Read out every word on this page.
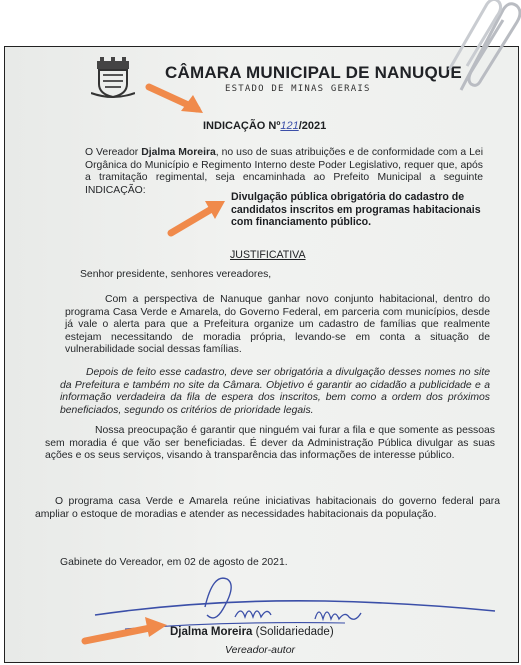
CÂMARA MUNICIPAL DE NANUQUE
ESTADO DE MINAS GERAIS
INDICAÇÃO Nº121/2021
O Vereador Djalma Moreira, no uso de suas atribuições e de conformidade com a Lei Orgânica do Município e Regimento Interno deste Poder Legislativo, requer que, após a tramitação regimental, seja encaminhada ao Prefeito Municipal a seguinte INDICAÇÃO:
Divulgação pública obrigatória do cadastro de candidatos inscritos em programas habitacionais com financiamento público.
JUSTIFICATIVA
Senhor presidente, senhores vereadores,
Com a perspectiva de Nanuque ganhar novo conjunto habitacional, dentro do programa Casa Verde e Amarela, do Governo Federal, em parceria com municípios, desde já vale o alerta para que a Prefeitura organize um cadastro de famílias que realmente estejam necessitando de moradia própria, levando-se em conta a situação de vulnerabilidade social dessas famílias.
Depois de feito esse cadastro, deve ser obrigatória a divulgação desses nomes no site da Prefeitura e também no site da Câmara. Objetivo é garantir ao cidadão a publicidade e a informação verdadeira da fila de espera dos inscritos, bem como a ordem dos próximos beneficiados, segundo os critérios de prioridade legais.
Nossa preocupação é garantir que ninguém vai furar a fila e que somente as pessoas sem moradia é que vão ser beneficiadas. É dever da Administração Pública divulgar as suas ações e os seus serviços, visando à transparência das informações de interesse público.
O programa casa Verde e Amarela reúne iniciativas habitacionais do governo federal para ampliar o estoque de moradias e atender as necessidades habitacionais da população.
Gabinete do Vereador, em 02 de agosto de 2021.
Djalma Moreira (Solidariedade)
Vereador-autor
